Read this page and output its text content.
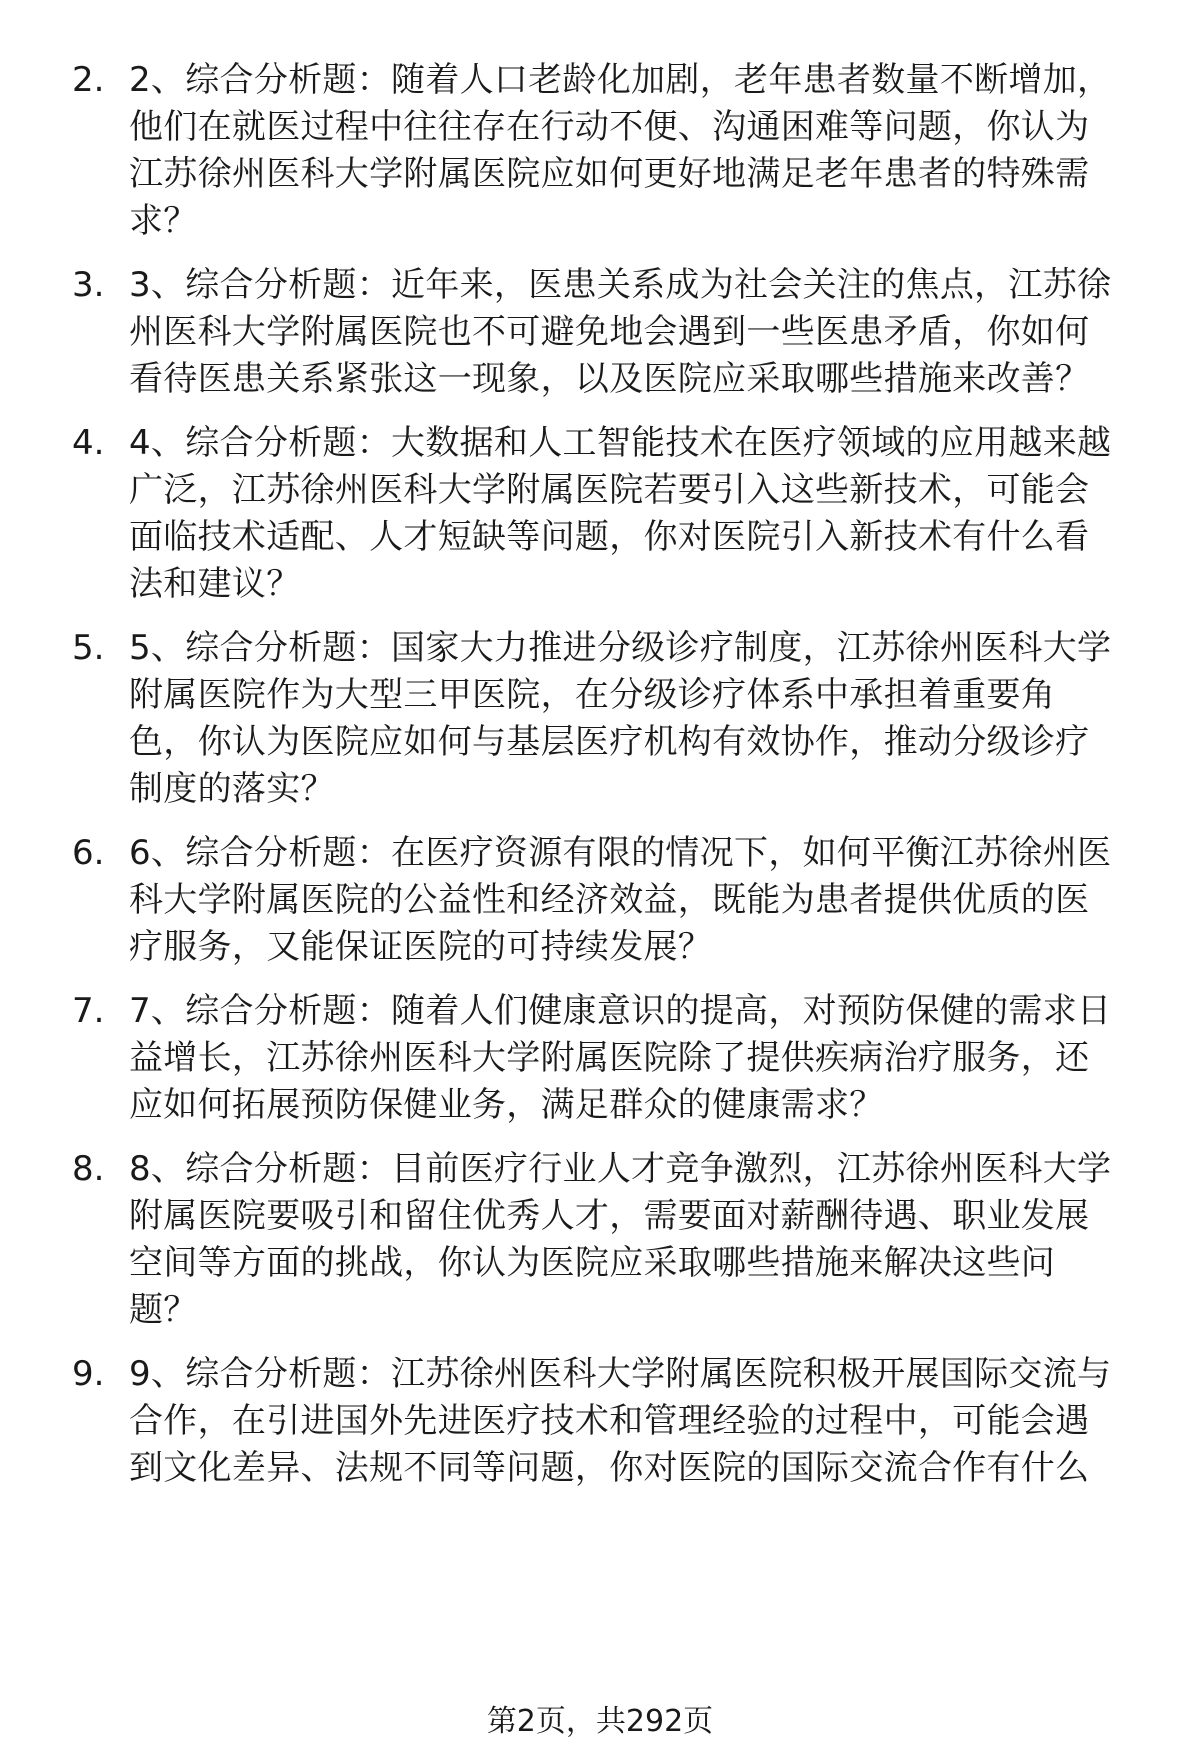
2. 2、综合分析题：随着人口老龄化加剧，老年患者数量不断增加，
他们在就医过程中往往存在行动不便、沟通困难等问题，你认为
江苏徐州医科大学附属医院应如何更好地满足老年患者的特殊需
求？
3. 3、综合分析题：近年来，医患关系成为社会关注的焦点，江苏徐
州医科大学附属医院也不可避免地会遇到一些医患矛盾，你如何
看待医患关系紧张这一现象，以及医院应采取哪些措施来改善？
4. 4、综合分析题：大数据和人工智能技术在医疗领域的应用越来越
广泛，江苏徐州医科大学附属医院若要引入这些新技术，可能会
面临技术适配、人才短缺等问题，你对医院引入新技术有什么看
法和建议？
5. 5、综合分析题：国家大力推进分级诊疗制度，江苏徐州医科大学
附属医院作为大型三甲医院，在分级诊疗体系中承担着重要角
色，你认为医院应如何与基层医疗机构有效协作，推动分级诊疗
制度的落实？
6. 6、综合分析题：在医疗资源有限的情况下，如何平衡江苏徐州医
科大学附属医院的公益性和经济效益，既能为患者提供优质的医
疗服务，又能保证医院的可持续发展？
7. 7、综合分析题：随着人们健康意识的提高，对预防保健的需求日
益增长，江苏徐州医科大学附属医院除了提供疾病治疗服务，还
应如何拓展预防保健业务，满足群众的健康需求？
8. 8、综合分析题：目前医疗行业人才竞争激烈，江苏徐州医科大学
附属医院要吸引和留住优秀人才，需要面对薪酬待遇、职业发展
空间等方面的挑战，你认为医院应采取哪些措施来解决这些问
题？
9. 9、综合分析题：江苏徐州医科大学附属医院积极开展国际交流与
合作，在引进国外先进医疗技术和管理经验的过程中，可能会遇
到文化差异、法规不同等问题，你对医院的国际交流合作有什么
第2页，共292页
